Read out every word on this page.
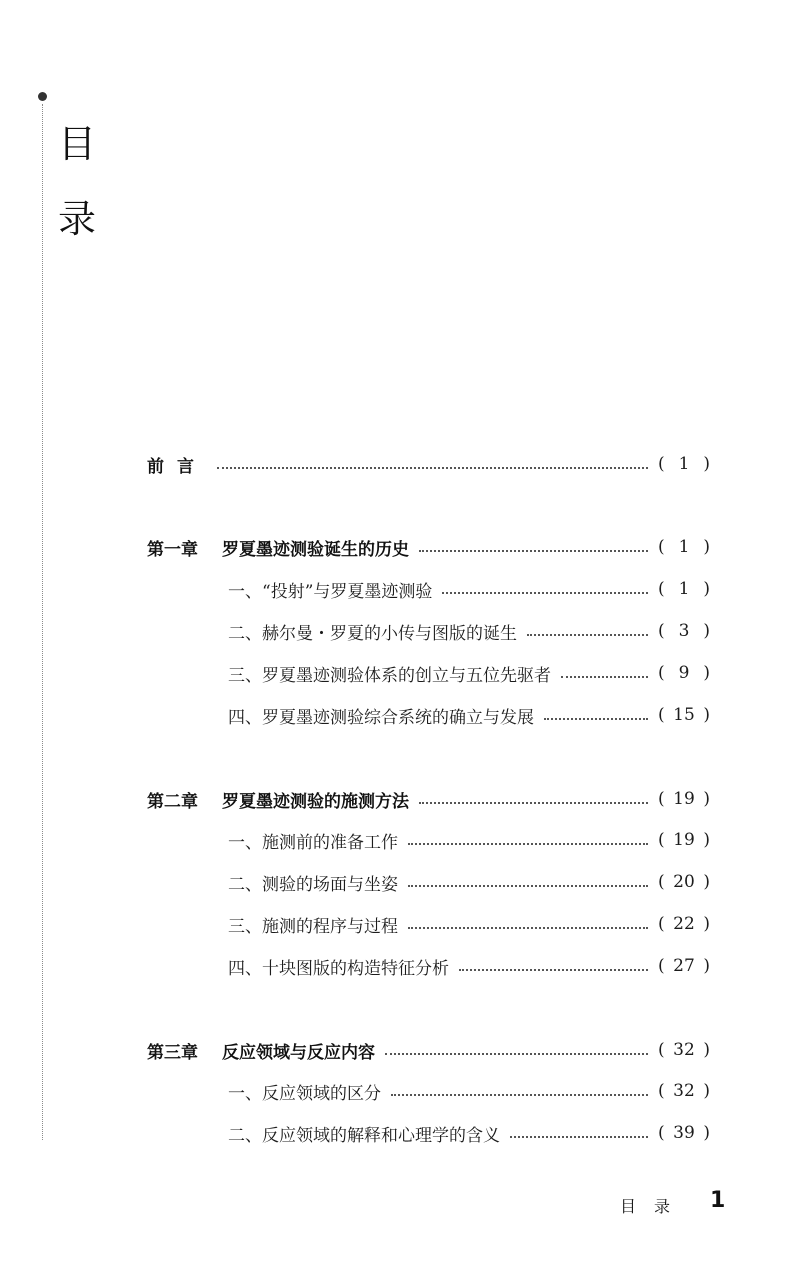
目
录
前言	( 1 )
第一章 罗夏墨迹测验诞生的历史	( 1 )
一、“投射”与罗夏墨迹测验	( 1 )
二、赫尔曼・罗夏的小传与图版的诞生	( 3 )
三、罗夏墨迹测验体系的创立与五位先驱者	( 9 )
四、罗夏墨迹测验综合系统的确立与发展	( 15 )
第二章 罗夏墨迹测验的施测方法	( 19 )
一、施测前的准备工作	( 19 )
二、测验的场面与坐姿	( 20 )
三、施测的程序与过程	( 22 )
四、十块图版的构造特征分析	( 27 )
第三章 反应领域与反应内容	( 32 )
一、反应领域的区分	( 32 )
二、反应领域的解释和心理学的含义	( 39 )
目录 1
